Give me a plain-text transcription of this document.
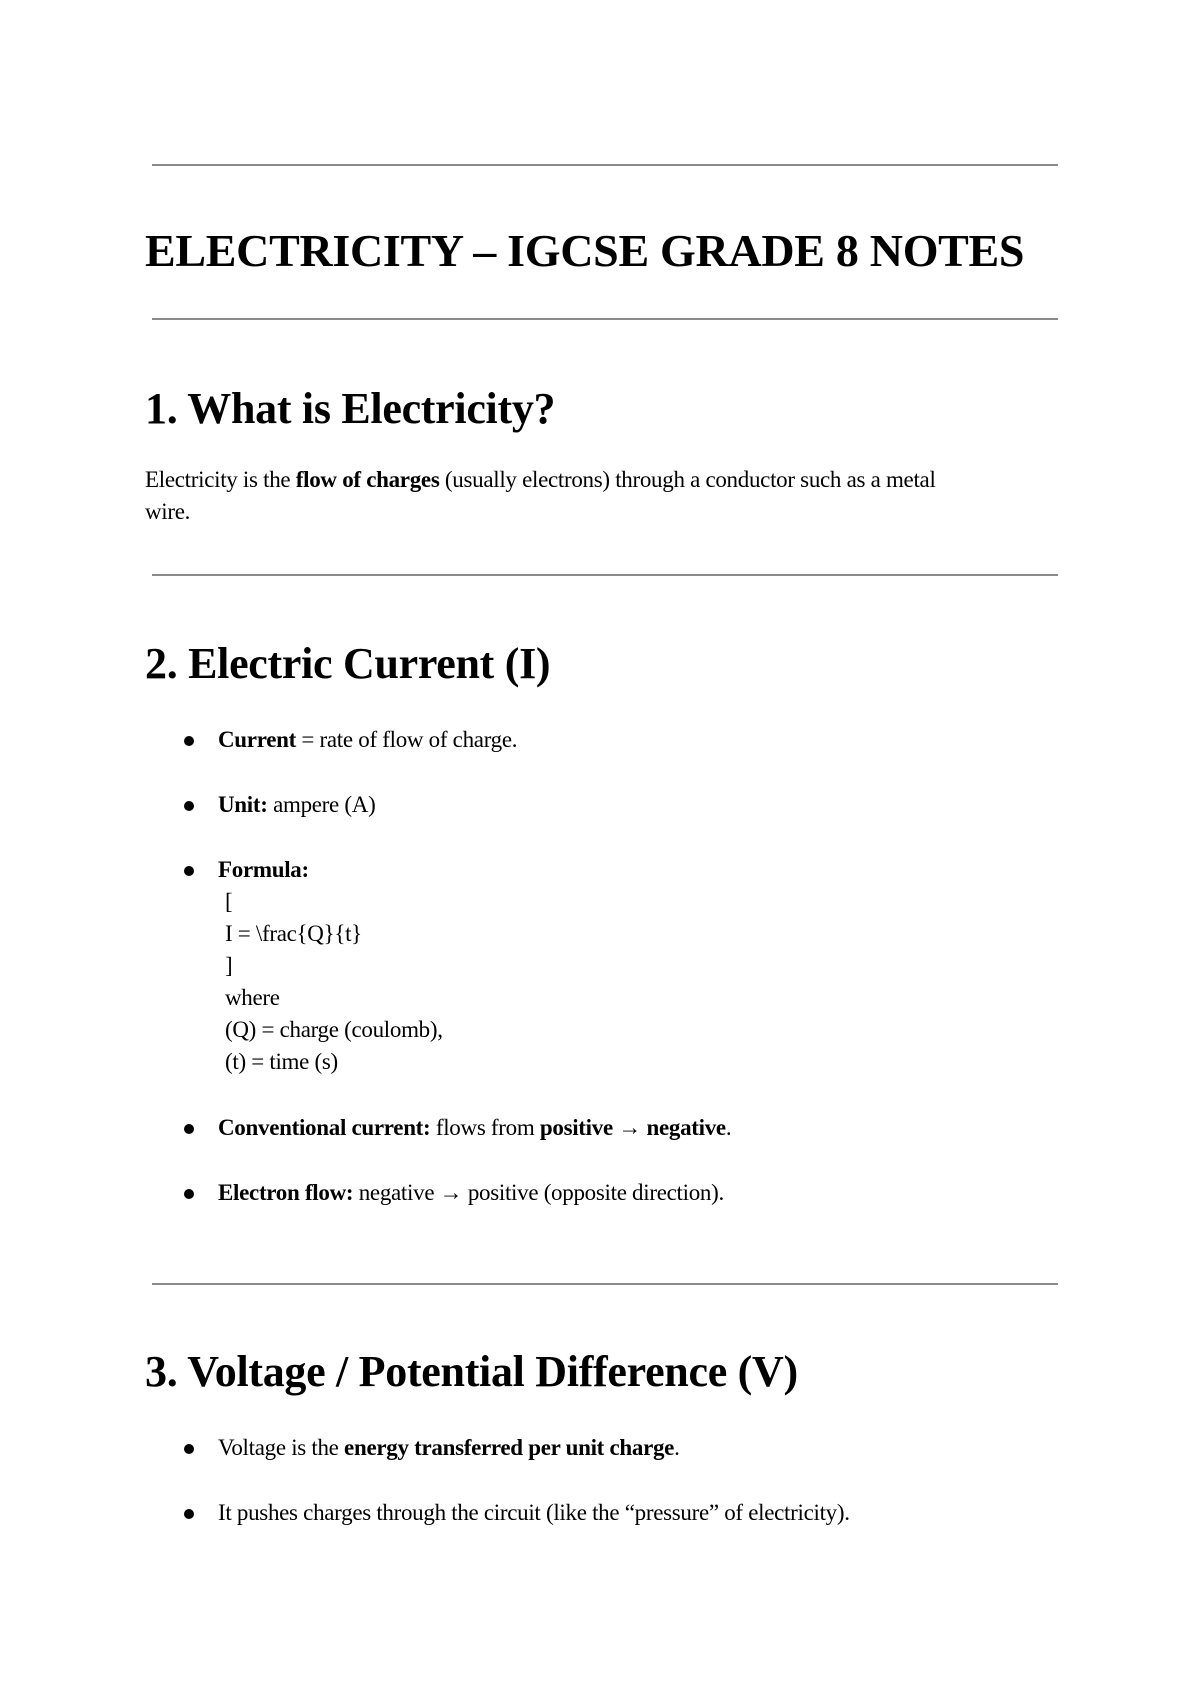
ELECTRICITY – IGCSE GRADE 8 NOTES
1. What is Electricity?
Electricity is the flow of charges (usually electrons) through a conductor such as a metal
wire.
2. Electric Current (I)
Current = rate of flow of charge.
Unit: ampere (A)
Formula:
[
I = \frac{Q}{t}
]
where
(Q) = charge (coulomb),
(t) = time (s)
Conventional current: flows from positive → negative.
Electron flow: negative → positive (opposite direction).
3. Voltage / Potential Difference (V)
Voltage is the energy transferred per unit charge.
It pushes charges through the circuit (like the “pressure” of electricity).
